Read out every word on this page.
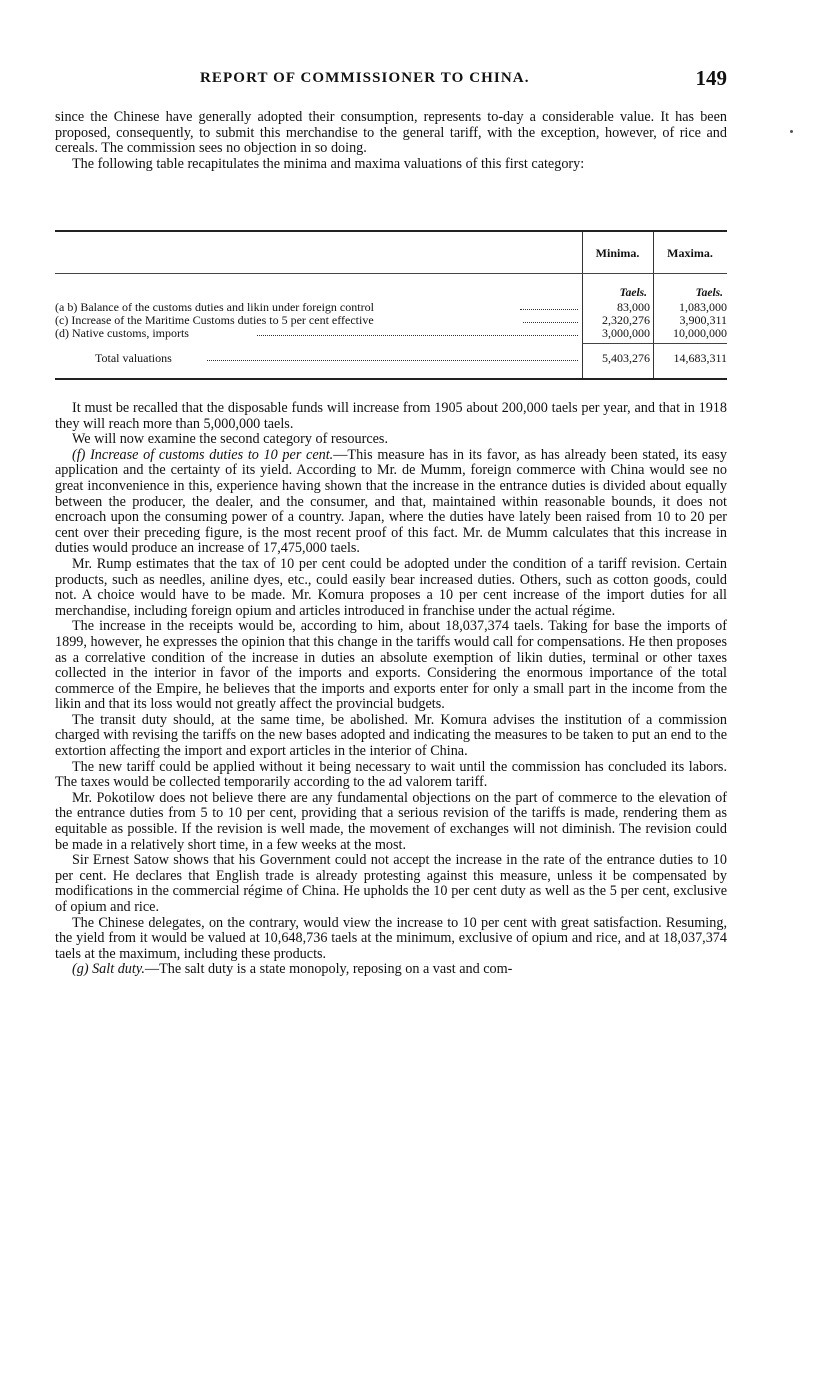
REPORT OF COMMISSIONER TO CHINA.	149

since the Chinese have generally adopted their consumption, represents to-day a considerable value. It has been proposed, consequently, to submit this merchandise to the general tariff, with the exception, however, of rice and cereals. The commission sees no objection in so doing.

The following table recapitulates the minima and maxima valuations of this first category:

Minima.	Maxima.
Taels.	Taels.
(a b) Balance of the customs duties and likin under foreign control	83,000	1,083,000
(c) Increase of the Maritime Customs duties to 5 per cent effective	2,320,276	3,900,311
(d) Native customs, imports	3,000,000	10,000,000
Total valuations	5,403,276	14,683,311

It must be recalled that the disposable funds will increase from 1905 about 200,000 taels per year, and that in 1918 they will reach more than 5,000,000 taels.

We will now examine the second category of resources.

(f) Increase of customs duties to 10 per cent.—This measure has in its favor, as has already been stated, its easy application and the certainty of its yield. According to Mr. de Mumm, foreign commerce with China would see no great inconvenience in this, experience having shown that the increase in the entrance duties is divided about equally between the producer, the dealer, and the consumer, and that, maintained within reasonable bounds, it does not encroach upon the consuming power of a country. Japan, where the duties have lately been raised from 10 to 20 per cent over their preceding figure, is the most recent proof of this fact. Mr. de Mumm calculates that this increase in duties would produce an increase of 17,475,000 taels.

Mr. Rump estimates that the tax of 10 per cent could be adopted under the condition of a tariff revision. Certain products, such as needles, aniline dyes, etc., could easily bear increased duties. Others, such as cotton goods, could not. A choice would have to be made. Mr. Komura proposes a 10 per cent increase of the import duties for all merchandise, including foreign opium and articles introduced in franchise under the actual régime.

The increase in the receipts would be, according to him, about 18,037,374 taels. Taking for base the imports of 1899, however, he expresses the opinion that this change in the tariffs would call for compensations. He then proposes as a correlative condition of the increase in duties an absolute exemption of likin duties, terminal or other taxes collected in the interior in favor of the imports and exports. Considering the enormous importance of the total commerce of the Empire, he believes that the imports and exports enter for only a small part in the income from the likin and that its loss would not greatly affect the provincial budgets.

The transit duty should, at the same time, be abolished. Mr. Komura advises the institution of a commission charged with revising the tariffs on the new bases adopted and indicating the measures to be taken to put an end to the extortion affecting the import and export articles in the interior of China.

The new tariff could be applied without it being necessary to wait until the commission has concluded its labors. The taxes would be collected temporarily according to the ad valorem tariff.

Mr. Pokotilow does not believe there are any fundamental objections on the part of commerce to the elevation of the entrance duties from 5 to 10 per cent, providing that a serious revision of the tariffs is made, rendering them as equitable as possible. If the revision is well made, the movement of exchanges will not diminish. The revision could be made in a relatively short time, in a few weeks at the most.

Sir Ernest Satow shows that his Government could not accept the increase in the rate of the entrance duties to 10 per cent. He declares that English trade is already protesting against this measure, unless it be compensated by modifications in the commercial régime of China. He upholds the 10 per cent duty as well as the 5 per cent, exclusive of opium and rice.

The Chinese delegates, on the contrary, would view the increase to 10 per cent with great satisfaction. Resuming, the yield from it would be valued at 10,648,736 taels at the minimum, exclusive of opium and rice, and at 18,037,374 taels at the maximum, including these products.

(g) Salt duty.—The salt duty is a state monopoly, reposing on a vast and com-
